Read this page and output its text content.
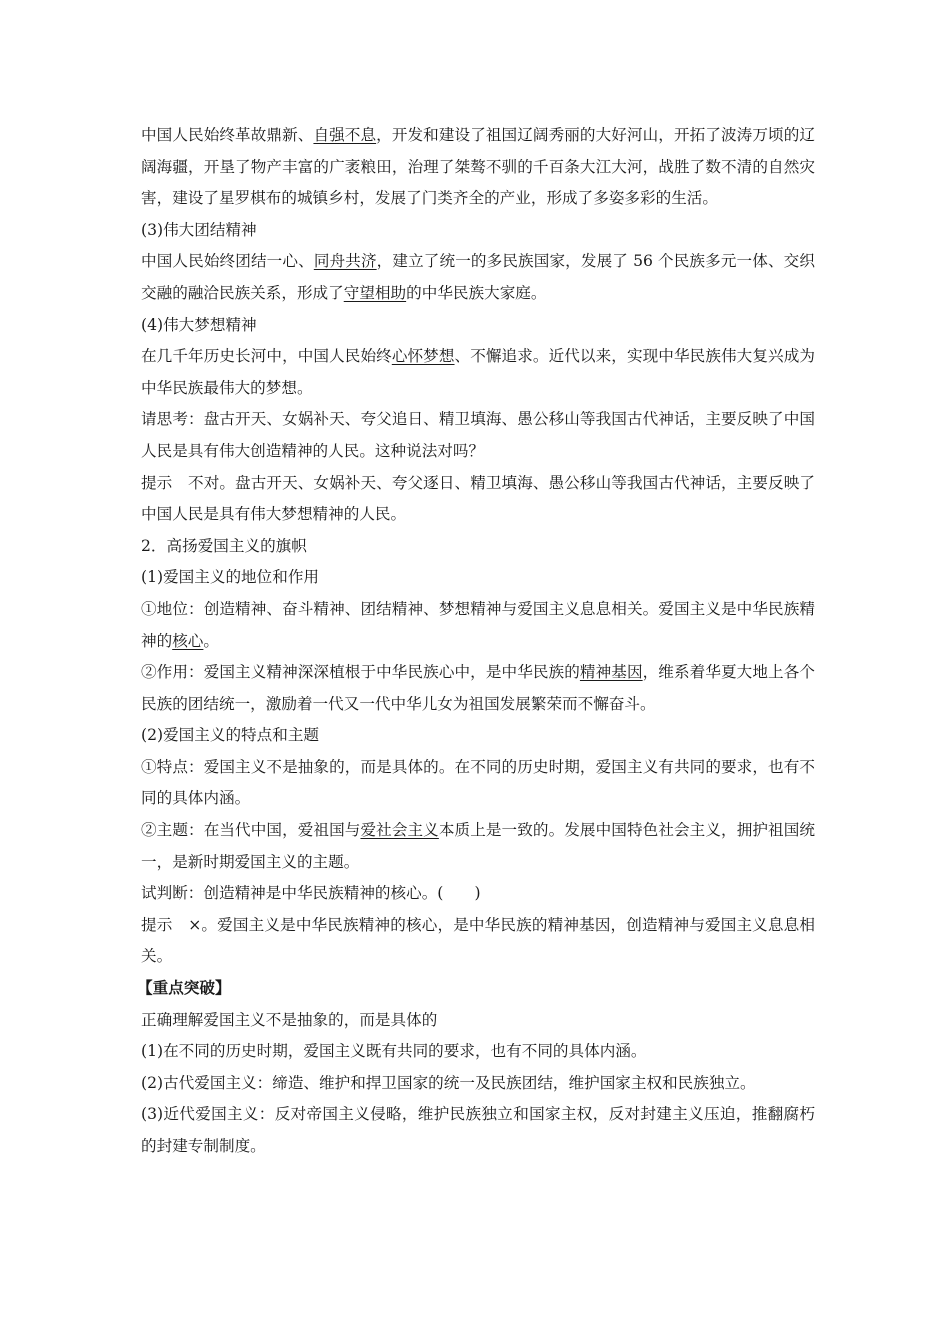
中国人民始终革故鼎新、自强不息，开发和建设了祖国辽阔秀丽的大好河山，开拓了波涛万顷的辽阔海疆，开垦了物产丰富的广袤粮田，治理了桀骜不驯的千百条大江大河，战胜了数不清的自然灾害，建设了星罗棋布的城镇乡村，发展了门类齐全的产业，形成了多姿多彩的生活。

(3)伟大团结精神

中国人民始终团结一心、同舟共济，建立了统一的多民族国家，发展了 56 个民族多元一体、交织交融的融洽民族关系，形成了守望相助的中华民族大家庭。

(4)伟大梦想精神

在几千年历史长河中，中国人民始终心怀梦想、不懈追求。近代以来，实现中华民族伟大复兴成为中华民族最伟大的梦想。

请思考：盘古开天、女娲补天、夸父追日、精卫填海、愚公移山等我国古代神话，主要反映了中国人民是具有伟大创造精神的人民。这种说法对吗？

提示　不对。盘古开天、女娲补天、夸父逐日、精卫填海、愚公移山等我国古代神话，主要反映了中国人民是具有伟大梦想精神的人民。

2．高扬爱国主义的旗帜

(1)爱国主义的地位和作用

①地位：创造精神、奋斗精神、团结精神、梦想精神与爱国主义息息相关。爱国主义是中华民族精神的核心。

②作用：爱国主义精神深深植根于中华民族心中，是中华民族的精神基因，维系着华夏大地上各个民族的团结统一，激励着一代又一代中华儿女为祖国发展繁荣而不懈奋斗。

(2)爱国主义的特点和主题

①特点：爱国主义不是抽象的，而是具体的。在不同的历史时期，爱国主义有共同的要求，也有不同的具体内涵。

②主题：在当代中国，爱祖国与爱社会主义本质上是一致的。发展中国特色社会主义，拥护祖国统一，是新时期爱国主义的主题。

试判断：创造精神是中华民族精神的核心。(　　)

提示　×。爱国主义是中华民族精神的核心，是中华民族的精神基因，创造精神与爱国主义息息相关。

【重点突破】

正确理解爱国主义不是抽象的，而是具体的

(1)在不同的历史时期，爱国主义既有共同的要求，也有不同的具体内涵。

(2)古代爱国主义：缔造、维护和捍卫国家的统一及民族团结，维护国家主权和民族独立。

(3)近代爱国主义：反对帝国主义侵略，维护民族独立和国家主权，反对封建主义压迫，推翻腐朽的封建专制制度。
